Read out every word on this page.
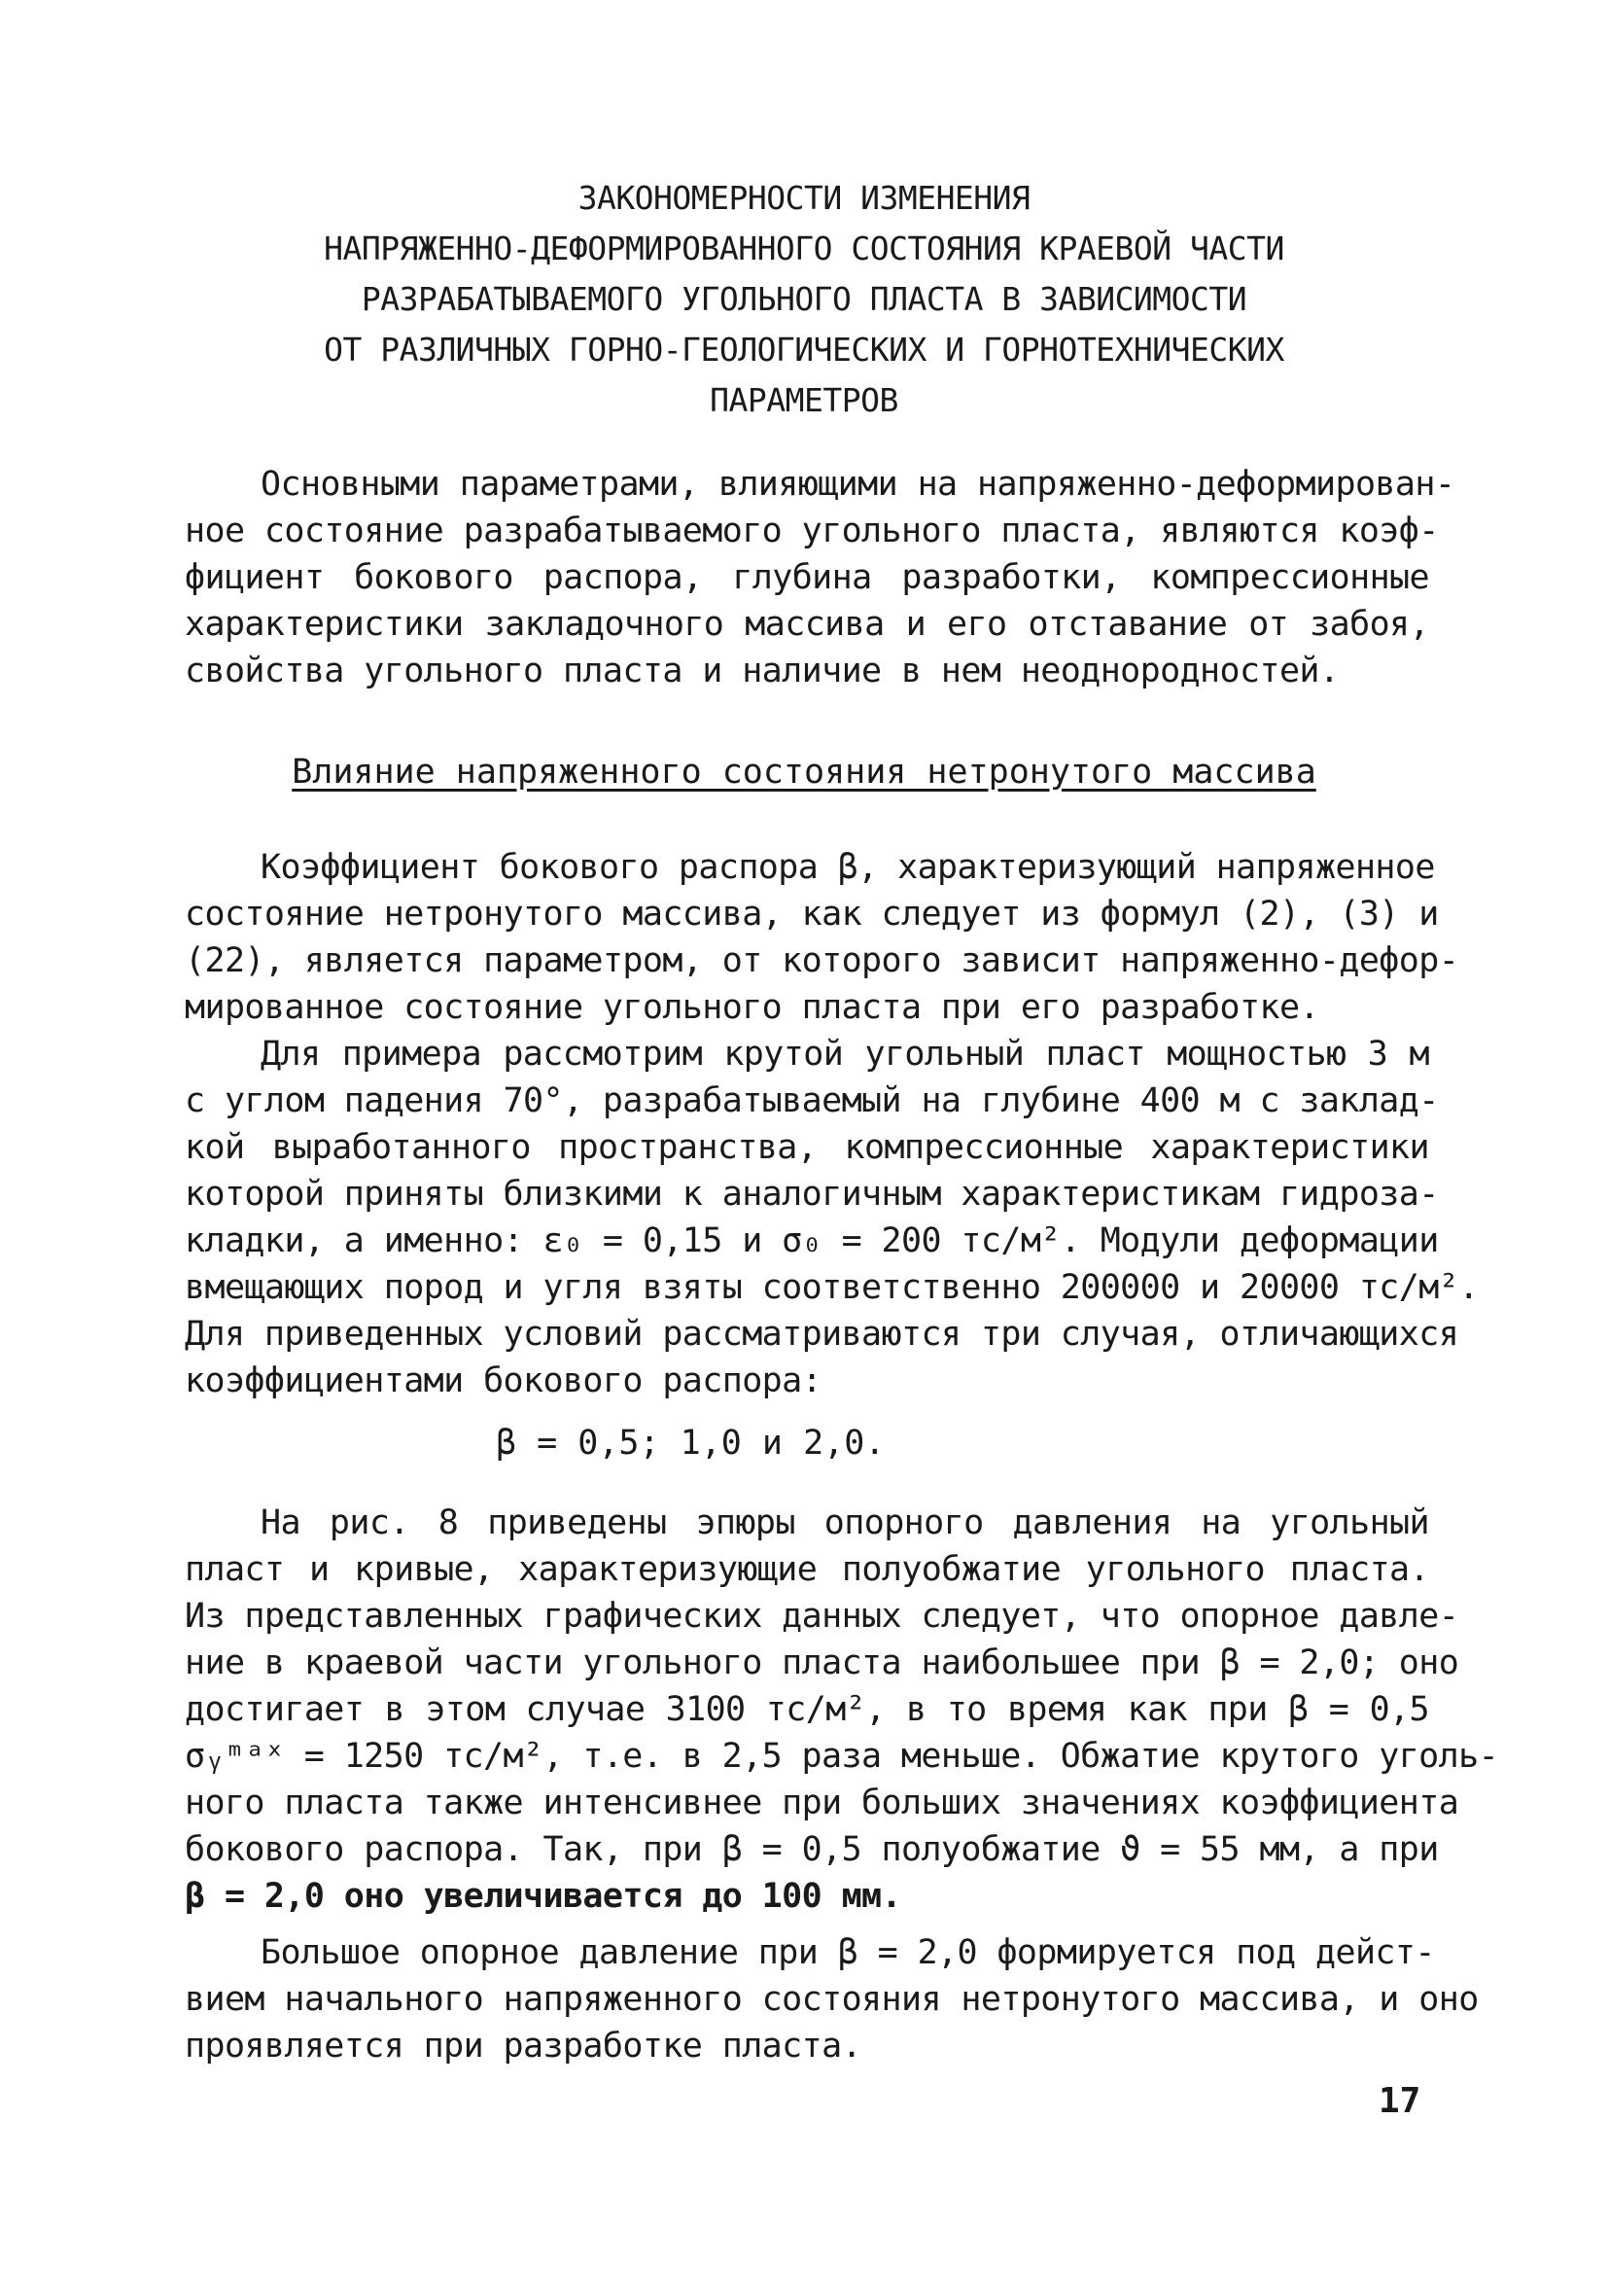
ЗАКОНОМЕРНОСТИ ИЗМЕНЕНИЯ
НАПРЯЖЕННО-ДЕФОРМИРОВАННОГО СОСТОЯНИЯ КРАЕВОЙ ЧАСТИ
РАЗРАБАТЫВАЕМОГО УГОЛЬНОГО ПЛАСТА В ЗАВИСИМОСТИ
ОТ РАЗЛИЧНЫХ ГОРНО-ГЕОЛОГИЧЕСКИХ И ГОРНОТЕХНИЧЕСКИХ
ПАРАМЕТРОВ
Основными параметрами, влияющими на напряженно-деформирован-
ное состояние разрабатываемого угольного пласта, являются коэф-
фициент бокового распора, глубина разработки, компрессионные
характеристики закладочного массива и его отставание от забоя,
свойства угольного пласта и наличие в нем неоднородностей.
Влияние напряженного состояния нетронутого массива
Коэффициент бокового распора β, характеризующий напряженное
состояние нетронутого массива, как следует из формул (2), (3) и
(22), является параметром, от которого зависит напряженно-дефор-
мированное состояние угольного пласта при его разработке.
Для примера рассмотрим крутой угольный пласт мощностью 3 м
с углом падения 70°, разрабатываемый на глубине 400 м с заклад-
кой выработанного пространства, компрессионные характеристики
которой приняты близкими к аналогичным характеристикам гидроза-
кладки, а именно: ε₀ = 0,15 и σ₀ = 200 тс/м². Модули деформации
вмещающих пород и угля взяты соответственно 200000 и 20000 тс/м².
Для приведенных условий рассматриваются три случая, отличающихся
коэффициентами бокового распора:
β = 0,5; 1,0 и 2,0.
На рис. 8 приведены эпюры опорного давления на угольный
пласт и кривые, характеризующие полуобжатие угольного пласта.
Из представленных графических данных следует, что опорное давле-
ние в краевой части угольного пласта наибольшее при β = 2,0; оно
достигает в этом случае 3100 тс/м², в то время как при β = 0,5
σᵧᵐᵃˣ = 1250 тс/м², т.е. в 2,5 раза меньше. Обжатие крутого уголь-
ного пласта также интенсивнее при больших значениях коэффициента
бокового распора. Так, при β = 0,5 полуобжатие ϑ = 55 мм, а при
β = 2,0 оно увеличивается до 100 мм.
Большое опорное давление при β = 2,0 формируется под дейст-
вием начального напряженного состояния нетронутого массива, и оно
проявляется при разработке пласта.
17
